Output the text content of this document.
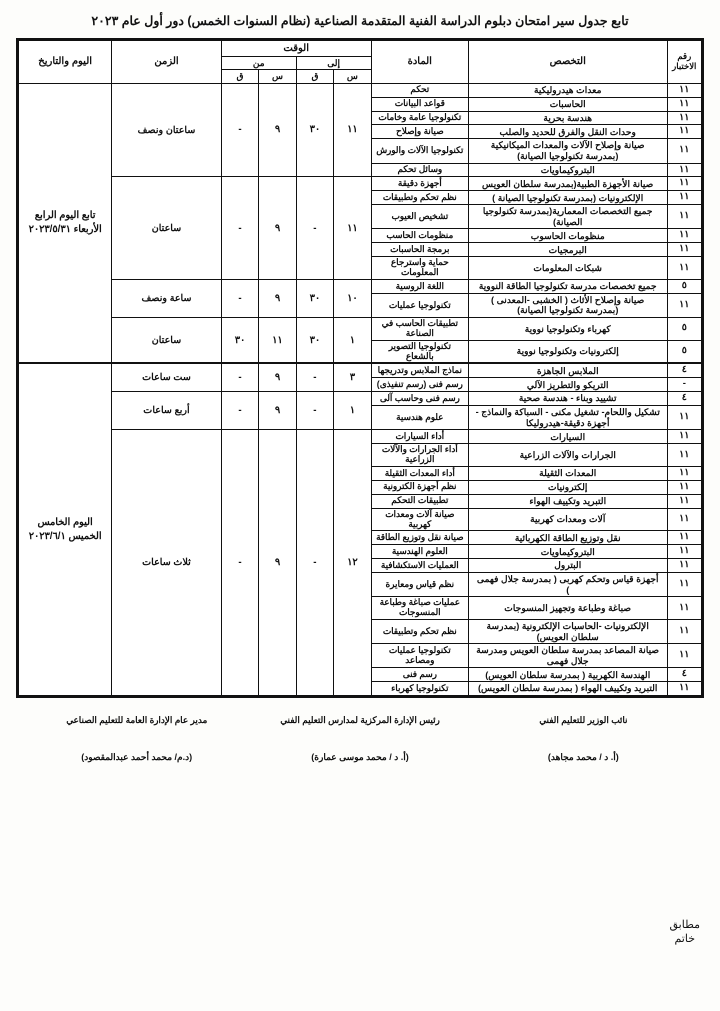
تابع جدول سير امتحان دبلوم الدراسة الفنية المتقدمة الصناعية (نظام السنوات الخمس) دور أول عام ٢٠٢٣
رقم الاختبار	التخصص	المادة	الوقت				الزمن	اليوم والتاريخ
			إلى		من			
			س	ق	س	ق		
١١	معدات هيدروليكية	تحكم	١١	٣٠	٩	-	ساعتان ونصف	تابع اليوم الرابع الأربعاء ٢٠٢٣/٥/٣١
١١	الحاسبات	قواعد البيانات						
١١	هندسة بحرية	تكنولوجيا عامة وخامات						
١١	وحدات النقل والفرق للحديد والصلب	صيانة وإصلاح						
١١	صيانة وإصلاح الآلات والمعدات الميكانيكية (بمدرسة تكنولوجيا الصيانة)	تكنولوجيا الآلات والورش						
١١	البتروكيماويات	وسائل تحكم						
١١	صيانة الأجهزة الطبية(بمدرسة سلطان العويس	أجهزة دقيقة	١١	-	٩	-	ساعتان	
١١	الإلكترونيات (بمدرسة تكنولوجيا الصيانة )	نظم تحكم وتطبيقات						
١١	جميع التخصصات المعمارية(بمدرسة تكنولوجيا الصيانة)	تشخيص العيوب						
١١	منظومات الحاسوب	منظومات الحاسب						
١١	البرمجيات	برمجة الحاسبات						
١١	شبكات المعلومات	حماية واسترجاع المعلومات						
٥	جميع تخصصات مدرسة تكنولوجيا الطاقة النووية	اللغة الروسية	١٠	٣٠	٩	-	ساعة ونصف	
١١	صيانة وإصلاح الأثاث ( الخشبى -المعدنى ) (بمدرسة تكنولوجيا الصيانة)	تكنولوجيا عمليات						
٥	كهرباء وتكنولوجيا نووية	تطبيقات الحاسب في الصناعة	١	٣٠	١١	٣٠	ساعتان	
٥	إلكترونيات وتكنولوجيا نووية	تكنولوجيا التصوير بالشعاع						
٤	الملابس الجاهزة	نماذج الملابس وتدريجها	٣	-	٩	-	ست ساعات	اليوم الخامس الخميس ٢٠٢٣/٦/١
-	التريكو والتطريز الآلي	رسم فنى (رسم تنفيذى)						
٤	تشييد وبناء - هندسة صحية	رسم فنى وحاسب آلى	١	-	٩	-	أربع ساعات	
١١	تشكيل واللحام- تشغيل مكنى - السباكة والنماذج - أجهزة دقيقة-هيدروليكا	علوم هندسية						
١١	السيارات	أداء السيارات	١٢	-	٩	-	ثلاث ساعات	
١١	الجرارات والآلات الزراعية	أداء الجرارات والآلات الزراعية						
١١	المعدات الثقيلة	أداء المعدات الثقيلة						
١١	إلكترونيات	نظم أجهزة الكترونية						
١١	التبريد وتكييف الهواء	تطبيقات التحكم						
١١	آلات ومعدات كهربية	صيانة آلات ومعدات كهربية						
١١	نقل وتوزيع الطاقة الكهربائية	صيانة نقل وتوزيع الطاقة						
١١	البتروكيماويات	العلوم الهندسية						
١١	البترول	العمليات الاستكشافية						
١١	أجهزة قياس وتحكم كهربى ( بمدرسة جلال فهمى )	نظم قياس ومعايرة						
١١	صباغة وطباعة وتجهيز المنسوجات	عمليات صباغة وطباعة المنسوجات						
١١	الإلكترونيات -الحاسبات الإلكترونية (بمدرسة سلطان العويس)	نظم تحكم وتطبيقات						
١١	صيانة المصاعد بمدرسة سلطان العويس ومدرسة جلال فهمى	تكنولوجيا عمليات ومصاعد						
٤	الهندسة الكهربية ( بمدرسة سلطان العويس)	رسم فنى						
١١	التبريد وتكييف الهواء ( بمدرسة سلطان العويس)	تكنولوجيا كهرباء						
مدير عام الإدارة العامة للتعليم الصناعي
(د.م/ محمد أحمد عبدالمقصود)
رئيس الإدارة المركزية لمدارس التعليم الفني
(أ. د / محمد موسى عمارة)
نائب الوزير للتعليم الفني
(أ. د / محمد مجاهد)
مطابق
خاتم
